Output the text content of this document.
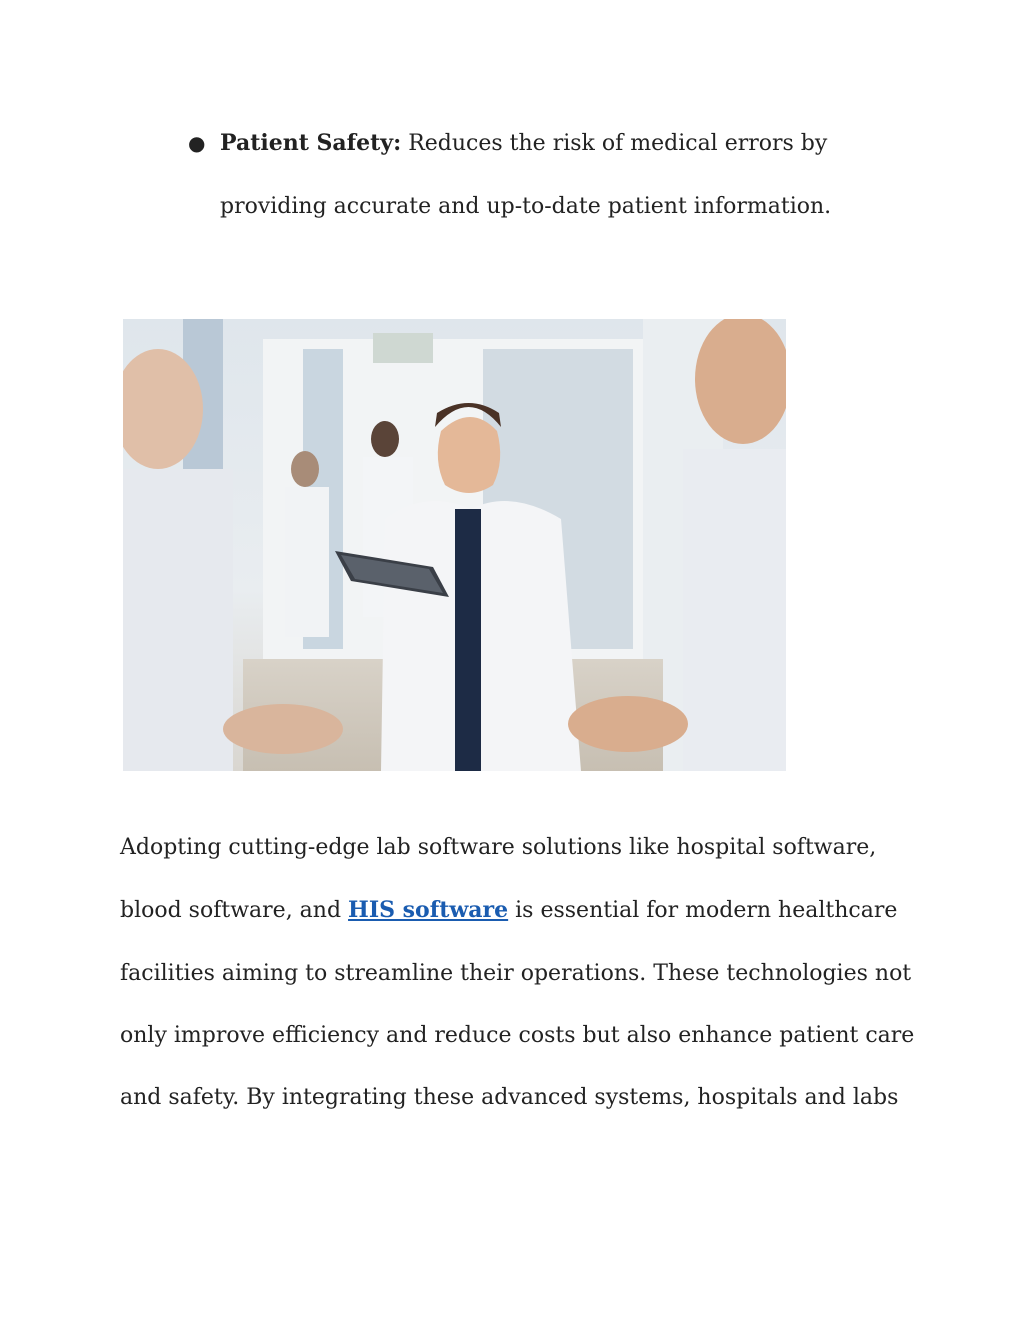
● Patient Safety: Reduces the risk of medical errors by
providing accurate and up-to-date patient information.

Adopting cutting-edge lab software solutions like hospital software,
blood software, and HIS software is essential for modern healthcare
facilities aiming to streamline their operations. These technologies not
only improve efficiency and reduce costs but also enhance patient care
and safety. By integrating these advanced systems, hospitals and labs
